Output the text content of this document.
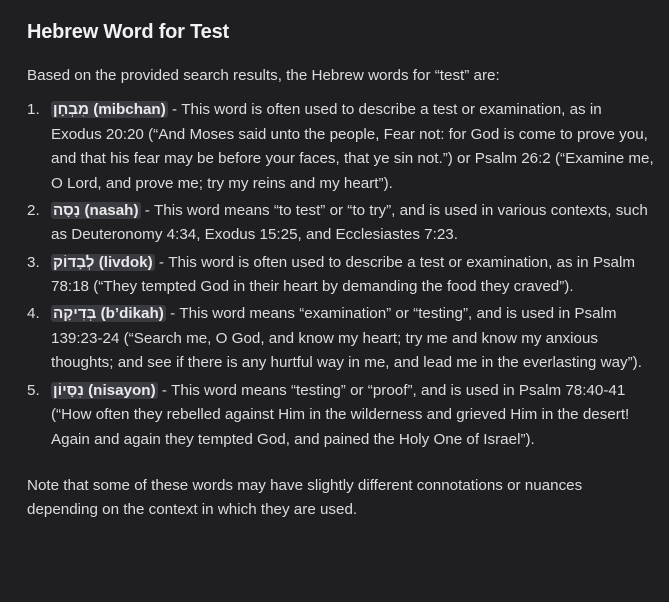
Hebrew Word for Test

Based on the provided search results, the Hebrew words for “test” are:

1. מִבְחָן (mibchan) - This word is often used to describe a test or examination, as in Exodus 20:20 (“And Moses said unto the people, Fear not: for God is come to prove you, and that his fear may be before your faces, that ye sin not.”) or Psalm 26:2 (“Examine me, O Lord, and prove me; try my reins and my heart”).
2. נָסָה (nasah) - This word means “to test” or “to try”, and is used in various contexts, such as Deuteronomy 4:34, Exodus 15:25, and Ecclesiastes 7:23.
3. לְבָדוֹק (livdok) - This word is often used to describe a test or examination, as in Psalm 78:18 (“They tempted God in their heart by demanding the food they craved”).
4. בְּדִיקָה (b’dikah) - This word means “examination” or “testing”, and is used in Psalm 139:23-24 (“Search me, O God, and know my heart; try me and know my anxious thoughts; and see if there is any hurtful way in me, and lead me in the everlasting way”).
5. נִסָּיוֹן (nisayon) - This word means “testing” or “proof”, and is used in Psalm 78:40-41 (“How often they rebelled against Him in the wilderness and grieved Him in the desert! Again and again they tempted God, and pained the Holy One of Israel”).

Note that some of these words may have slightly different connotations or nuances depending on the context in which they are used.
